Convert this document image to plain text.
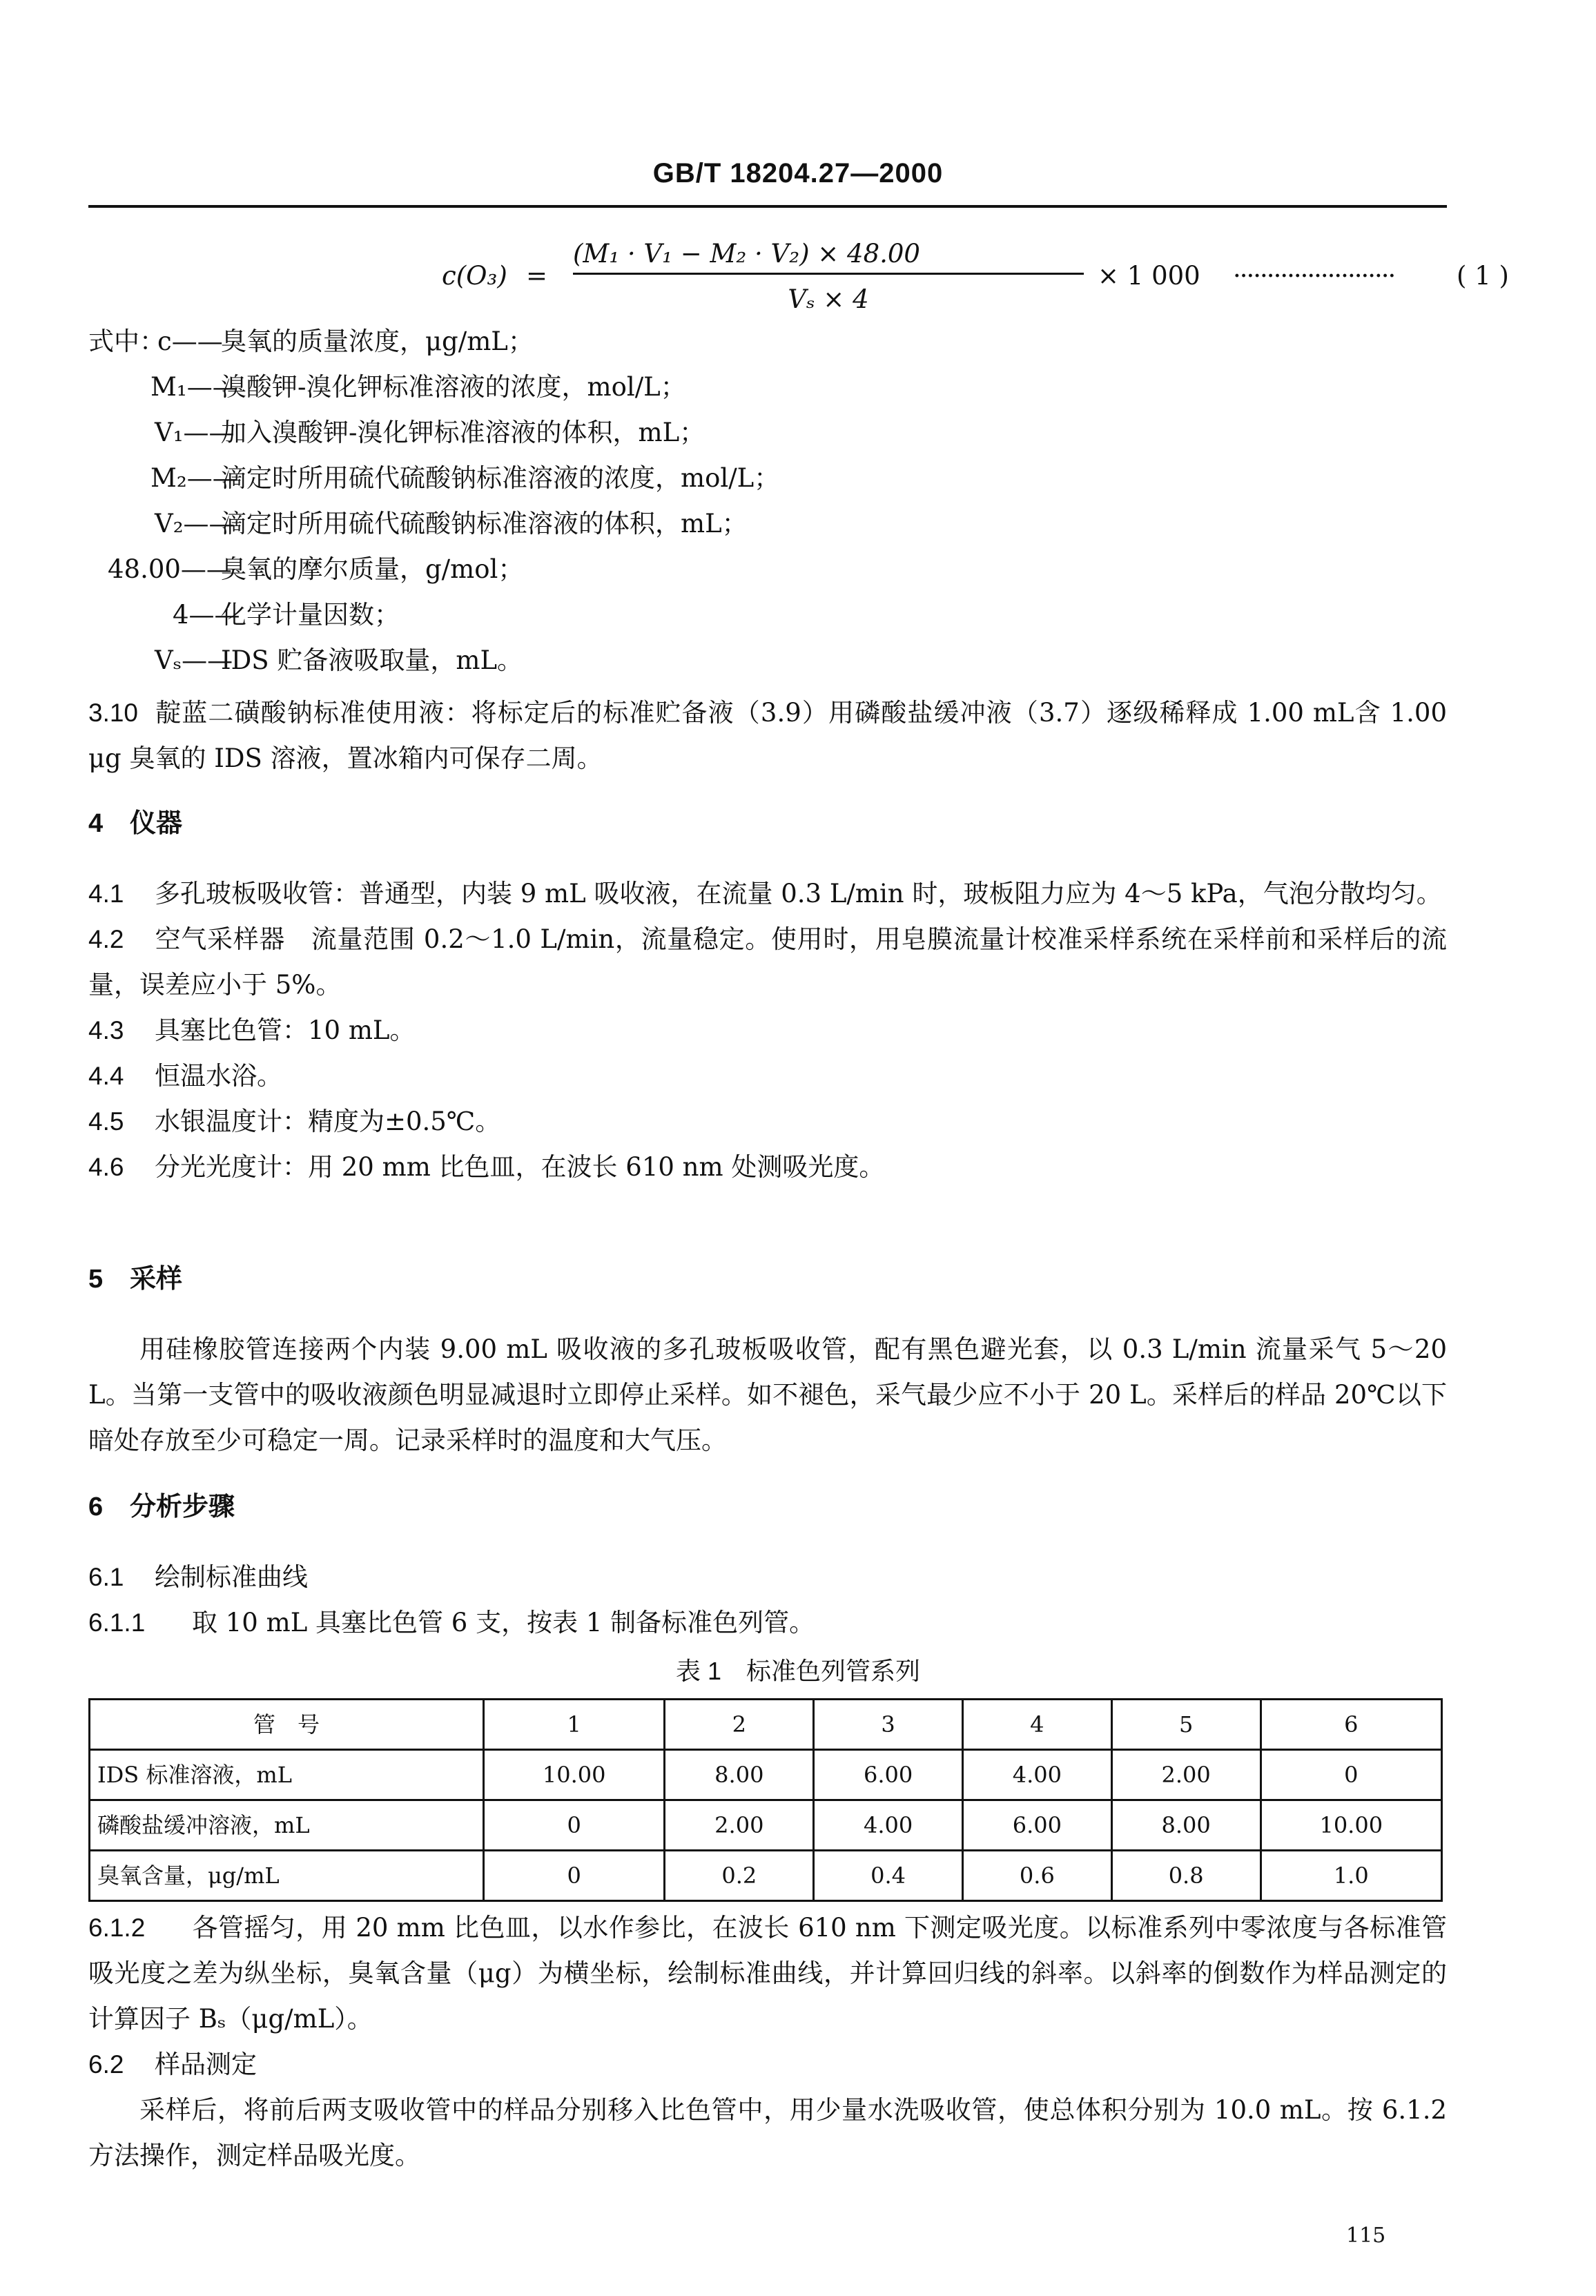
GB/T 18204.27—2000
c(O₃) =
(M₁ · V₁ − M₂ · V₂) × 48.00
Vₛ × 4
× 1 000 ························ ( 1 )
式中：
c——
臭氧的质量浓度，μg/mL；
M₁——
溴酸钾-溴化钾标准溶液的浓度，mol/L；
V₁——
加入溴酸钾-溴化钾标准溶液的体积，mL；
M₂——
滴定时所用硫代硫酸钠标准溶液的浓度，mol/L；
V₂——
滴定时所用硫代硫酸钠标准溶液的体积，mL；
48.00——
臭氧的摩尔质量，g/mol；
4——
化学计量因数；
Vₛ——
IDS 贮备液吸取量，mL。

3.10 靛蓝二磺酸钠标准使用液：将标定后的标准贮备液（3.9）用磷酸盐缓冲液（3.7）逐级稀释成 1.00 mL含 1.00 μg 臭氧的 IDS 溶液，置冰箱内可保存二周。

4 仪器

4.1 多孔玻板吸收管：普通型，内装 9 mL 吸收液，在流量 0.3 L/min 时，玻板阻力应为 4～5 kPa，气泡分散均匀。

4.2 空气采样器　流量范围 0.2～1.0 L/min，流量稳定。使用时，用皂膜流量计校准采样系统在采样前和采样后的流量，误差应小于 5%。

4.3 具塞比色管：10 mL。

4.4 恒温水浴。

4.5 水银温度计：精度为±0.5℃。

4.6 分光光度计：用 20 mm 比色皿，在波长 610 nm 处测吸光度。

5 采样

用硅橡胶管连接两个内装 9.00 mL 吸收液的多孔玻板吸收管，配有黑色避光套，以 0.3 L/min 流量采气 5～20 L。当第一支管中的吸收液颜色明显减退时立即停止采样。如不褪色，采气最少应不小于 20 L。采样后的样品 20℃以下暗处存放至少可稳定一周。记录采样时的温度和大气压。

6 分析步骤

6.1 绘制标准曲线

6.1.1 取 10 mL 具塞比色管 6 支，按表 1 制备标准色列管。

表 1　标准色列管系列
管　号	1	2	3	4	5	6
IDS 标准溶液，mL	10.00	8.00	6.00	4.00	2.00	0
磷酸盐缓冲溶液，mL	0	2.00	4.00	6.00	8.00	10.00
臭氧含量，μg/mL	0	0.2	0.4	0.6	0.8	1.0

6.1.2 各管摇匀，用 20 mm 比色皿，以水作参比，在波长 610 nm 下测定吸光度。以标准系列中零浓度与各标准管吸光度之差为纵坐标，臭氧含量（μg）为横坐标，绘制标准曲线，并计算回归线的斜率。以斜率的倒数作为样品测定的计算因子 Bₛ（μg/mL）。

6.2 样品测定

采样后，将前后两支吸收管中的样品分别移入比色管中，用少量水洗吸收管，使总体积分别为 10.0 mL。按 6.1.2 方法操作，测定样品吸光度。

115
